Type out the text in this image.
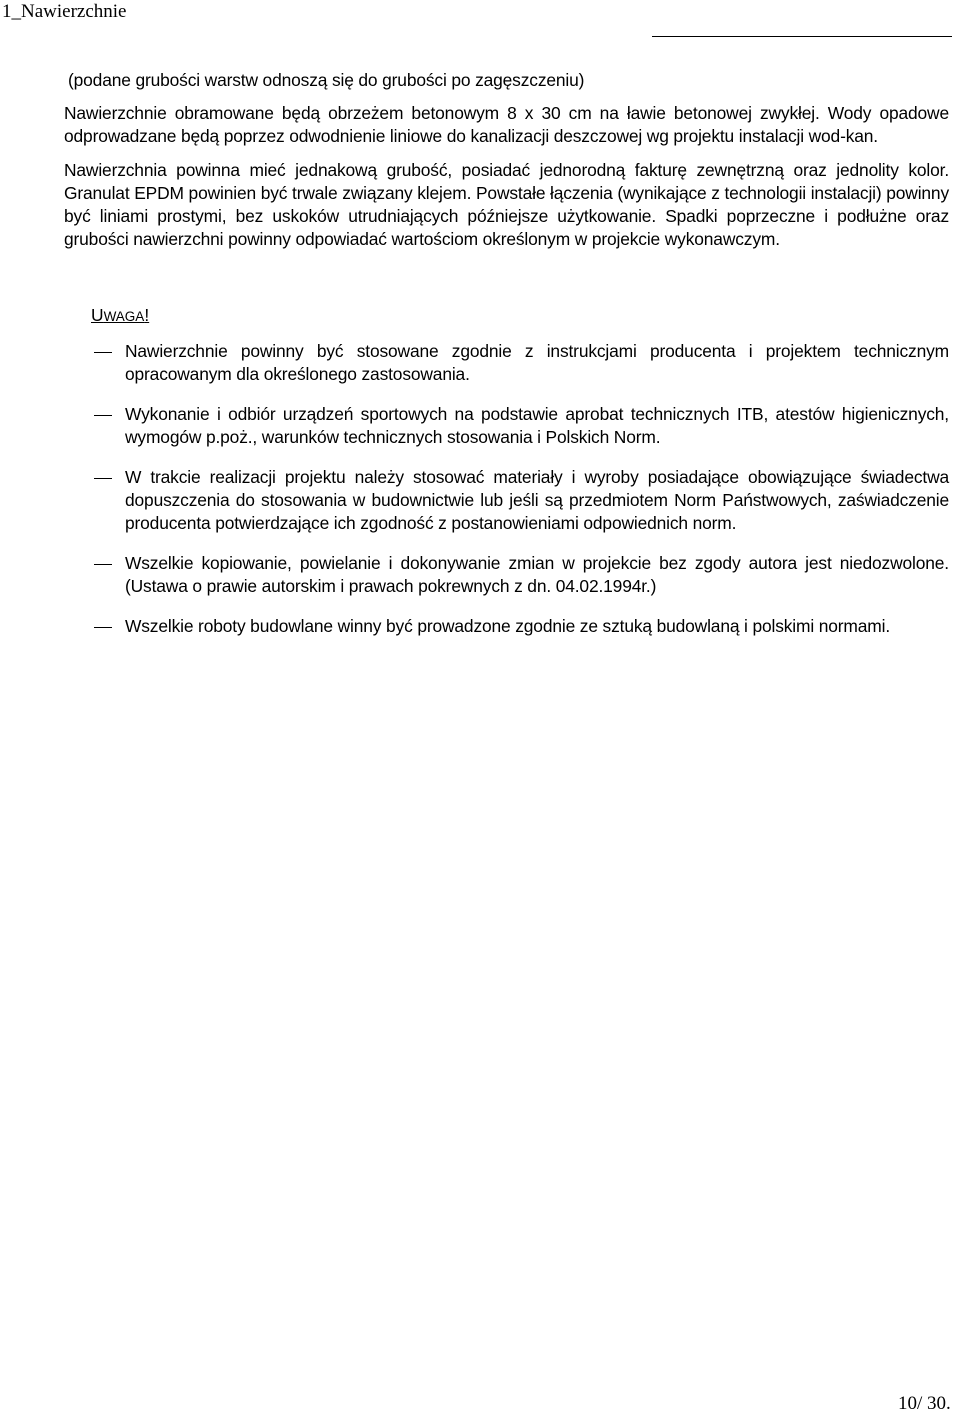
1_Nawierzchnie
(podane grubości warstw odnoszą się do grubości po zagęszczeniu)

Nawierzchnie obramowane będą obrzeżem betonowym 8 x 30 cm na ławie betonowej zwykłej. Wody opadowe odprowadzane będą poprzez odwodnienie liniowe do kanalizacji deszczowej wg projektu instalacji wod-kan.

Nawierzchnia powinna mieć jednakową grubość, posiadać jednorodną fakturę zewnętrzną oraz jednolity kolor. Granulat EPDM powinien być trwale związany klejem. Powstałe łączenia (wynikające z technologii instalacji) powinny być liniami prostymi, bez uskoków utrudniających późniejsze użytkowanie. Spadki poprzeczne i podłużne oraz grubości nawierzchni powinny odpowiadać wartościom określonym w projekcie wykonawczym.

UWAGA!
Nawierzchnie powinny być stosowane zgodnie z instrukcjami producenta i projektem technicznym opracowanym dla określonego zastosowania.
Wykonanie i odbiór urządzeń sportowych na podstawie aprobat technicznych ITB, atestów higienicznych, wymogów p.poż., warunków technicznych stosowania i Polskich Norm.
W trakcie realizacji projektu należy stosować materiały i wyroby posiadające obowiązujące świadectwa dopuszczenia do stosowania w budownictwie lub jeśli są przedmiotem Norm Państwowych, zaświadczenie producenta potwierdzające ich zgodność z postanowieniami odpowiednich norm.
Wszelkie kopiowanie, powielanie i dokonywanie zmian w projekcie bez zgody autora jest niedozwolone. (Ustawa o prawie autorskim i prawach pokrewnych z dn. 04.02.1994r.)
Wszelkie roboty budowlane winny być prowadzone zgodnie ze sztuką budowlaną i polskimi normami.
10/ 30.
